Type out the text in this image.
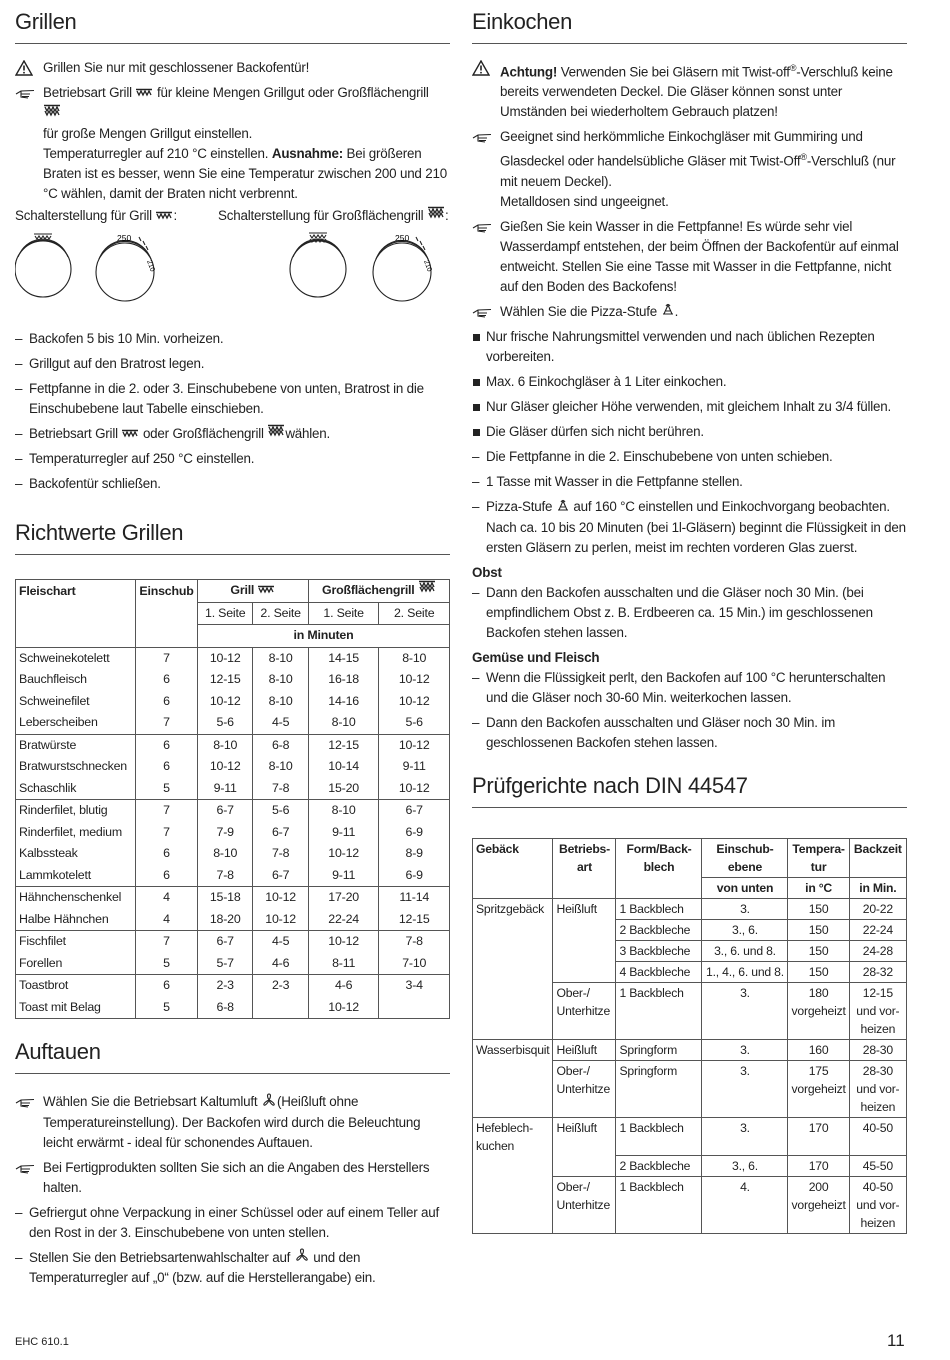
Grillen

Grillen Sie nur mit geschlossener Backofentür!

Betriebsart Grill für kleine Mengen Grillgut oder Großflächengrill
für große Mengen Grillgut einstellen.
Temperaturregler auf 210 °C einstellen. Ausnahme: Bei größeren Braten ist es besser, wenn Sie eine Temperatur zwischen 200 und 210 °C wählen, damit der Braten nicht verbrennt.

Schalterstellung für Grill :	Schalterstellung für Großflächengrill :
250
210
250
210

– Backofen 5 bis 10 Min. vorheizen.

– Grillgut auf den Bratrost legen.

– Fettpfanne in die 2. oder 3. Einschubebene von unten, Bratrost in die Einschubebene laut Tabelle einschieben.

– Betriebsart Grill oder Großflächengrill wählen.

– Temperaturregler auf 250 °C einstellen.

– Backofentür schließen.

Richtwerte Grillen
Fleischart	Einschub	Grill		Großflächengrill	
		1. Seite	2. Seite	1. Seite	2. Seite
		in Minuten			
Schweinekotelett	7	10-12	8-10	14-15	8-10
Bauchfleisch	6	12-15	8-10	16-18	10-12
Schweinefilet	6	10-12	8-10	14-16	10-12
Leberscheiben	7	5-6	4-5	8-10	5-6
Bratwürste	6	8-10	6-8	12-15	10-12
Bratwurstschnecken	6	10-12	8-10	10-14	9-11
Schaschlik	5	9-11	7-8	15-20	10-12
Rinderfilet, blutig	7	6-7	5-6	8-10	6-7
Rinderfilet, medium	7	7-9	6-7	9-11	6-9
Kalbssteak	6	8-10	7-8	10-12	8-9
Lammkotelett	6	7-8	6-7	9-11	6-9
Hähnchenschenkel	4	15-18	10-12	17-20	11-14
Halbe Hähnchen	4	18-20	10-12	22-24	12-15
Fischfilet	7	6-7	4-5	10-12	7-8
Forellen	5	5-7	4-6	8-11	7-10
Toastbrot	6	2-3	2-3	4-6	3-4
Toast mit Belag	5	6-8		10-12	
Auftauen

Wählen Sie die Betriebsart Kaltumluft (Heißluft ohne Temperatureinstellung). Der Backofen wird durch die Beleuchtung leicht erwärmt - ideal für schonendes Auftauen.

Bei Fertigprodukten sollten Sie sich an die Angaben des Herstellers halten.

– Gefriergut ohne Verpackung in einer Schüssel oder auf einem Teller auf den Rost in der 3. Einschubebene von unten stellen.

– Stellen Sie den Betriebsartenwahlschalter auf und den Temperaturregler auf „0“ (bzw. auf die Herstellerangabe) ein.

Einkochen

Achtung! Verwenden Sie bei Gläsern mit Twist-off®-Verschluß keine bereits verwendeten Deckel. Die Gläser können sonst unter Umständen bei wiederholtem Gebrauch platzen!

Geeignet sind herkömmliche Einkochgläser mit Gummiring und Glasdeckel oder handelsübliche Gläser mit Twist-Off®-Verschluß (nur mit neuem Deckel).
Metalldosen sind ungeeignet.

Gießen Sie kein Wasser in die Fettpfanne! Es würde sehr viel Wasserdampf entstehen, der beim Öffnen der Backofentür auf einmal entweicht. Stellen Sie eine Tasse mit Wasser in die Fettpfanne, nicht auf den Boden des Backofens!

Wählen Sie die Pizza-Stufe .

Nur frische Nahrungsmittel verwenden und nach üblichen Rezepten vorbereiten.

Max. 6 Einkochgläser à 1 Liter einkochen.

Nur Gläser gleicher Höhe verwenden, mit gleichem Inhalt zu 3/4 füllen.

Die Gläser dürfen sich nicht berühren.

– Die Fettpfanne in die 2. Einschubebene von unten schieben.

– 1 Tasse mit Wasser in die Fettpfanne stellen.

– Pizza-Stufe auf 160 °C einstellen und Einkochvorgang beobachten. Nach ca. 10 bis 20 Minuten (bei 1l-Gläsern) beginnt die Flüssigkeit in den ersten Gläsern zu perlen, meist im rechten vorderen Glas zuerst.

Obst

– Dann den Backofen ausschalten und die Gläser noch 30 Min. (bei empfindlichem Obst z. B. Erdbeeren ca. 15 Min.) im geschlossenen Backofen stehen lassen.

Gemüse und Fleisch

– Wenn die Flüssigkeit perlt, den Backofen auf 100 °C herunterschalten und die Gläser noch 30-60 Min. weiterkochen lassen.

– Dann den Backofen ausschalten und Gläser noch 30 Min. im geschlossenen Backofen stehen lassen.

Prüfgerichte nach DIN 44547
Gebäck	Betriebs-art	Form/Back-blech	Einschub-ebene	Tempera-tur	Backzeit
			von unten	in °C	in Min.
Spritzgebäck	Heißluft	1 Backblech	3.	150	20-22
		2 Backbleche	3., 6.	150	22-24
		3 Backbleche	3., 6. und 8.	150	24-28
		4 Backbleche	1., 4., 6. und 8.	150	28-32
	Ober-/ Unterhitze	1 Backblech	3.	180 vorgeheizt	12-15 und vor-heizen
Wasserbisquit	Heißluft	Springform	3.	160	28-30
	Ober-/ Unterhitze	Springform	3.	175 vorgeheizt	28-30 und vor-heizen
Hefeblech-kuchen	Heißluft	1 Backblech	3.	170	40-50
		2 Backbleche	3., 6.	170	45-50
	Ober-/ Unterhitze	1 Backblech	4.	200 vorgeheizt	40-50 und vor-heizen
EHC 610.1	11
